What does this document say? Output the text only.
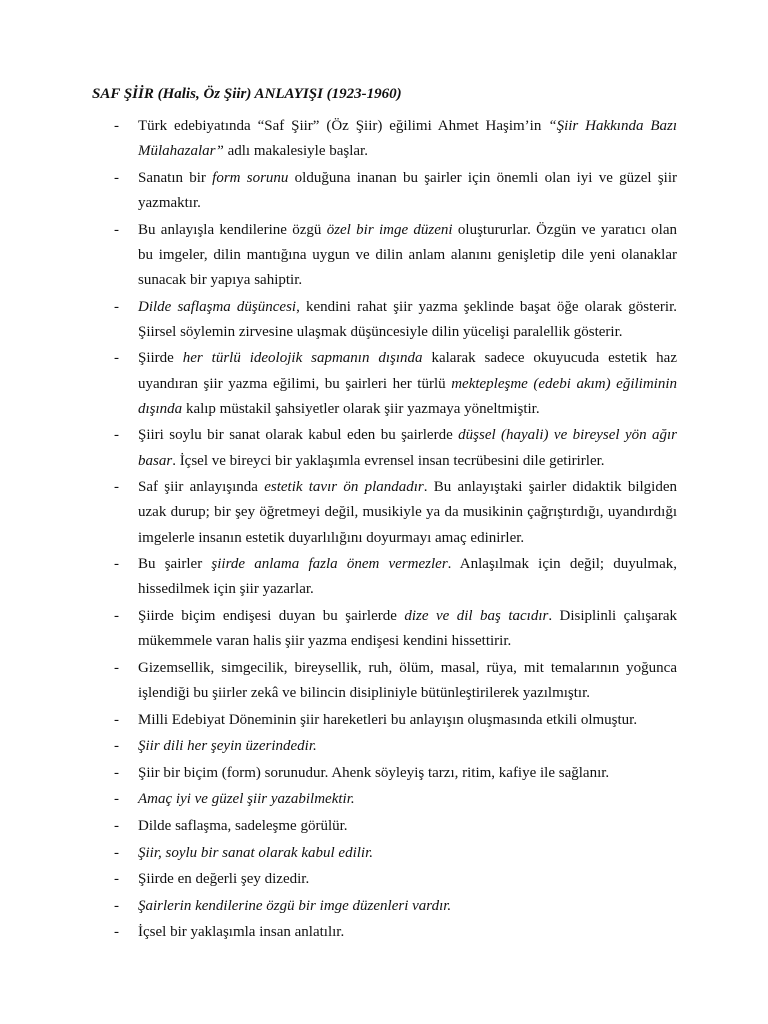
SAF ŞİİR (Halis, Öz Şiir) ANLAYIŞI (1923-1960)
- Türk edebiyatında “Saf Şiir” (Öz Şiir) eğilimi Ahmet Haşim’in “Şiir Hakkında Bazı Mülahazalar” adlı makalesiyle başlar.
- Sanatın bir form sorunu olduğuna inanan bu şairler için önemli olan iyi ve güzel şiir yazmaktır.
- Bu anlayışla kendilerine özgü özel bir imge düzeni oluştururlar. Özgün ve yaratıcı olan bu imgeler, dilin mantığına uygun ve dilin anlam alanını genişletip dile yeni olanaklar sunacak bir yapıya sahiptir.
- Dilde saflaşma düşüncesi, kendini rahat şiir yazma şeklinde başat öğe olarak gösterir. Şiirsel söylemin zirvesine ulaşmak düşüncesiyle dilin yücelişi paralellik gösterir.
- Şiirde her türlü ideolojik sapmanın dışında kalarak sadece okuyucuda estetik haz uyandıran şiir yazma eğilimi, bu şairleri her türlü mektepleşme (edebi akım) eğiliminin dışında kalıp müstakil şahsiyetler olarak şiir yazmaya yöneltmiştir.
- Şiiri soylu bir sanat olarak kabul eden bu şairlerde düşsel (hayali) ve bireysel yön ağır basar. İçsel ve bireyci bir yaklaşımla evrensel insan tecrübesini dile getirirler.
- Saf şiir anlayışında estetik tavır ön plandadır. Bu anlayıştaki şairler didaktik bilgiden uzak durup; bir şey öğretmeyi değil, musikiyle ya da musikinin çağrıştırdığı, uyandırdığı imgelerle insanın estetik duyarlılığını doyurmayı amaç edinirler.
- Bu şairler şiirde anlama fazla önem vermezler. Anlaşılmak için değil; duyulmak, hissedilmek için şiir yazarlar.
- Şiirde biçim endişesi duyan bu şairlerde dize ve dil baş tacıdır. Disiplinli çalışarak mükemmele varan halis şiir yazma endişesi kendini hissettirir.
- Gizemsellik, simgecilik, bireysellik, ruh, ölüm, masal, rüya, mit temalarının yoğunca işlendiği bu şiirler zekâ ve bilincin disipliniyle bütünleştirilerek yazılmıştır.
- Milli Edebiyat Döneminin şiir hareketleri bu anlayışın oluşmasında etkili olmuştur.
- Şiir dili her şeyin üzerindedir.
- Şiir bir biçim (form) sorunudur. Ahenk söyleyiş tarzı, ritim, kafiye ile sağlanır.
- Amaç iyi ve güzel şiir yazabilmektir.
- Dilde saflaşma, sadeleşme görülür.
- Şiir, soylu bir sanat olarak kabul edilir.
- Şiirde en değerli şey dizedir.
- Şairlerin kendilerine özgü bir imge düzenleri vardır.
- İçsel bir yaklaşımla insan anlatılır.
